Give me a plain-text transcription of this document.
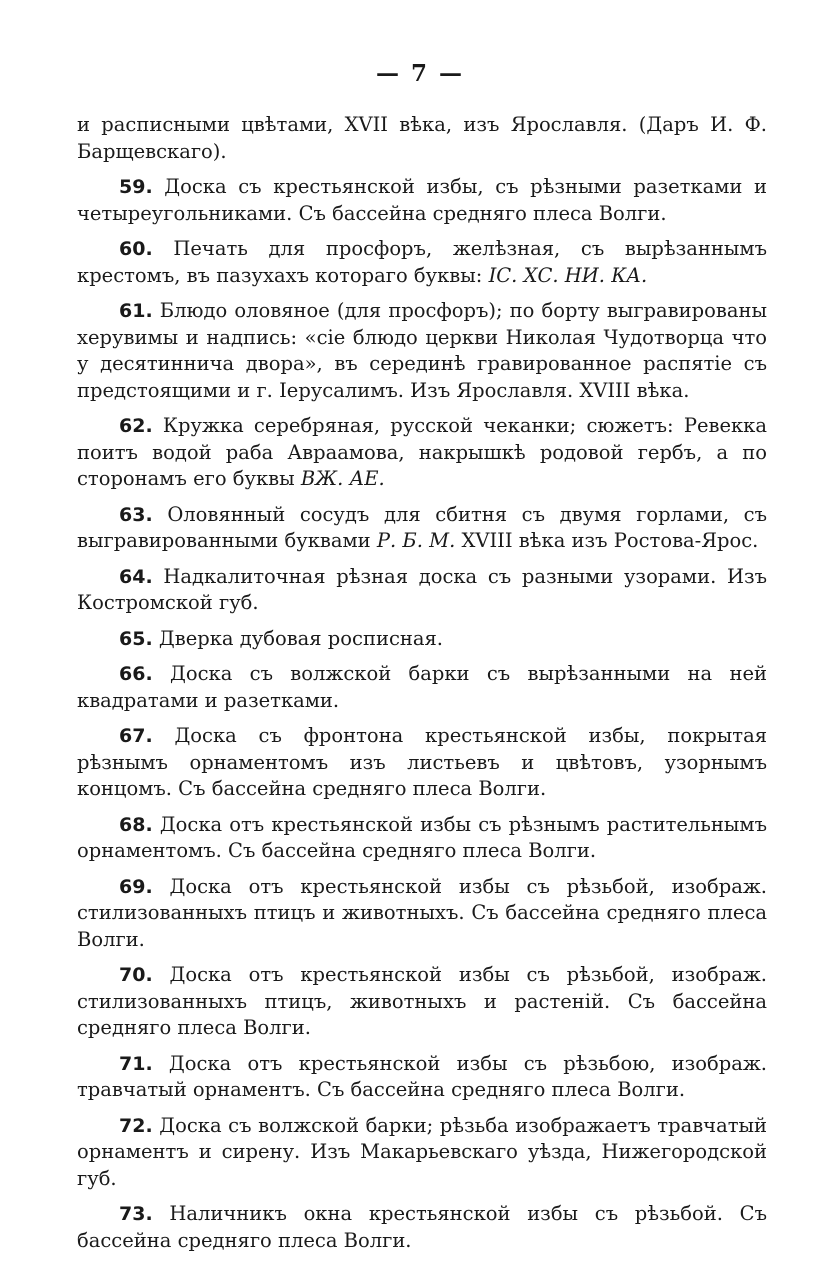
— 7 —

и расписными цвѣтами, XVII вѣка, изъ Ярославля. (Даръ И. Ф. Барщевскаго).

59. Доска съ крестьянской избы, съ рѣзными разетками и четыреугольниками. Съ бассейна средняго плеса Волги.

60. Печать для просфоръ, желѣзная, съ вырѣзаннымъ крестомъ, въ пазухахъ котораго буквы: IС. ХС. НИ. КА.

61. Блюдо оловяное (для просфоръ); по борту выгравированы херувимы и надпись: «сіе блюдо церкви Николая Чудотворца что у десятиннича двора», въ серединѣ гравированное распятіе съ предстоящими и г. Іерусалимъ. Изъ Ярославля. XVIII вѣка.

62. Кружка серебряная, русской чеканки; сюжетъ: Ревекка поитъ водой раба Авраамова, накрышкѣ родовой гербъ, а по сторонамъ его буквы ВЖ. АЕ.

63. Оловянный сосудъ для сбитня съ двумя горлами, съ выгравированными буквами Р. Б. М. XVIII вѣка изъ Ростова-Ярос.

64. Надкалиточная рѣзная доска съ разными узорами. Изъ Костромской губ.

65. Дверка дубовая росписная.

66. Доска съ волжской барки съ вырѣзанными на ней квадратами и разетками.

67. Доска съ фронтона крестьянской избы, покрытая рѣзнымъ орнаментомъ изъ листьевъ и цвѣтовъ, узорнымъ концомъ. Съ бассейна средняго плеса Волги.

68. Доска отъ крестьянской избы съ рѣзнымъ растительнымъ орнаментомъ. Съ бассейна средняго плеса Волги.

69. Доска отъ крестьянской избы съ рѣзьбой, изображ. стилизованныхъ птицъ и животныхъ. Съ бассейна средняго плеса Волги.

70. Доска отъ крестьянской избы съ рѣзьбой, изображ. стилизованныхъ птицъ, животныхъ и растеній. Съ бассейна средняго плеса Волги.

71. Доска отъ крестьянской избы съ рѣзьбою, изображ. травчатый орнаментъ. Съ бассейна средняго плеса Волги.

72. Доска съ волжской барки; рѣзьба изображаетъ травчатый орнаментъ и сирену. Изъ Макарьевскаго уѣзда, Нижегородской губ.

73. Наличникъ окна крестьянской избы съ рѣзьбой. Съ бассейна средняго плеса Волги.
